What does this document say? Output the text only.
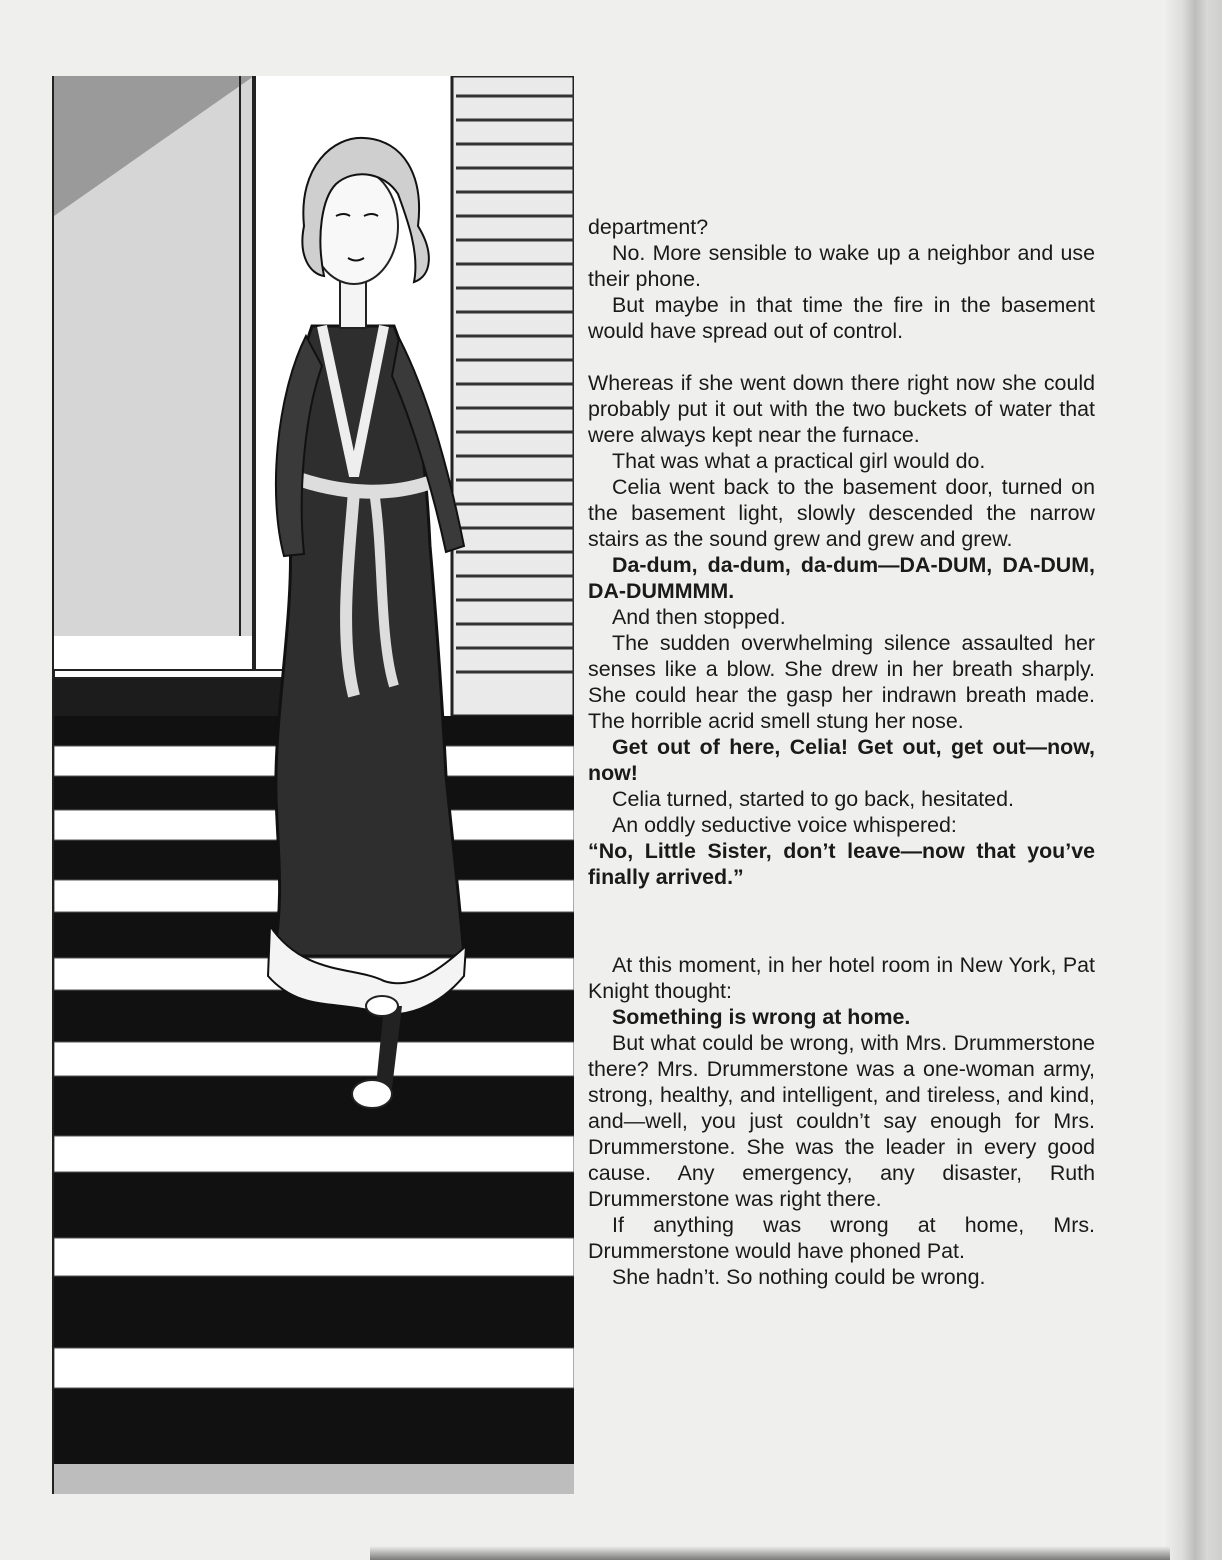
department?

No. More sensible to wake up a neighbor and use their phone.

But maybe in that time the fire in the basement would have spread out of control.

Whereas if she went down there right now she could probably put it out with the two buckets of water that were always kept near the furnace.

That was what a practical girl would do.

Celia went back to the basement door, turned on the basement light, slowly descended the narrow stairs as the sound grew and grew and grew.

Da-dum, da-dum, da-dum—DA-DUM, DA-DUM, DA-DUMMMM.

And then stopped.

The sudden overwhelming silence assaulted her senses like a blow. She drew in her breath sharply. She could hear the gasp her indrawn breath made. The horrible acrid smell stung her nose.

Get out of here, Celia! Get out, get out—now, now!

Celia turned, started to go back, hesitated.

An oddly seductive voice whispered:

“No, Little Sister, don’t leave—now that you’ve finally arrived.”

At this moment, in her hotel room in New York, Pat Knight thought:

Something is wrong at home.

But what could be wrong, with Mrs. Drummerstone there? Mrs. Drummerstone was a one-woman army, strong, healthy, and intelligent, and tireless, and kind, and—well, you just couldn’t say enough for Mrs. Drummerstone. She was the leader in every good cause. Any emergency, any disaster, Ruth Drummerstone was right there.

If anything was wrong at home, Mrs. Drummerstone would have phoned Pat.

She hadn’t. So nothing could be wrong.
